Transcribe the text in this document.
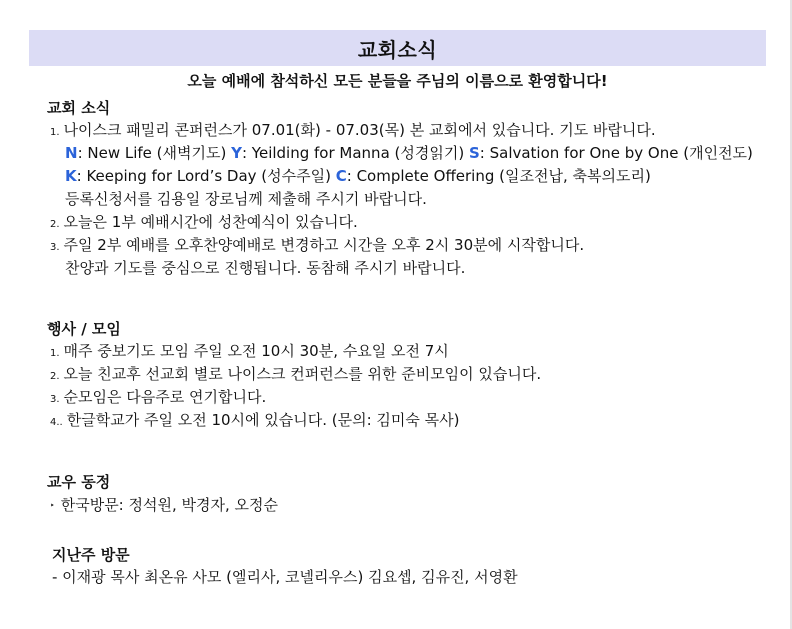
교회소식
오늘 예배에 참석하신 모든 분들을 주님의 이름으로 환영합니다!
교회 소식
1. 나이스크 패밀리 콘퍼런스가 07.01(화) - 07.03(목) 본 교회에서 있습니다. 기도 바랍니다.
N: New Life (새벽기도) Y: Yeilding for Manna (성경읽기) S: Salvation for One by One (개인전도)
K: Keeping for Lord’s Day (성수주일) C: Complete Offering (일조전납, 축복의도리)
등록신청서를 김용일 장로님께 제출해 주시기 바랍니다.
2. 오늘은 1부 예배시간에 성찬예식이 있습니다.
3. 주일 2부 예배를 오후찬양예배로 변경하고 시간을 오후 2시 30분에 시작합니다.
찬양과 기도를 중심으로 진행됩니다. 동참해 주시기 바랍니다.
행사 / 모임
1. 매주 중보기도 모임 주일 오전 10시 30분, 수요일 오전 7시
2. 오늘 친교후 선교회 별로 나이스크 컨퍼런스를 위한 준비모임이 있습니다.
3. 순모임은 다음주로 연기합니다.
4.. 한글학교가 주일 오전 10시에 있습니다. (문의: 김미숙 목사)
교우 동정
‣ 한국방문: 정석원, 박경자, 오정순
지난주 방문
- 이재광 목사 최온유 사모 (엘리사, 코넬리우스) 김요셉, 김유진, 서영환
